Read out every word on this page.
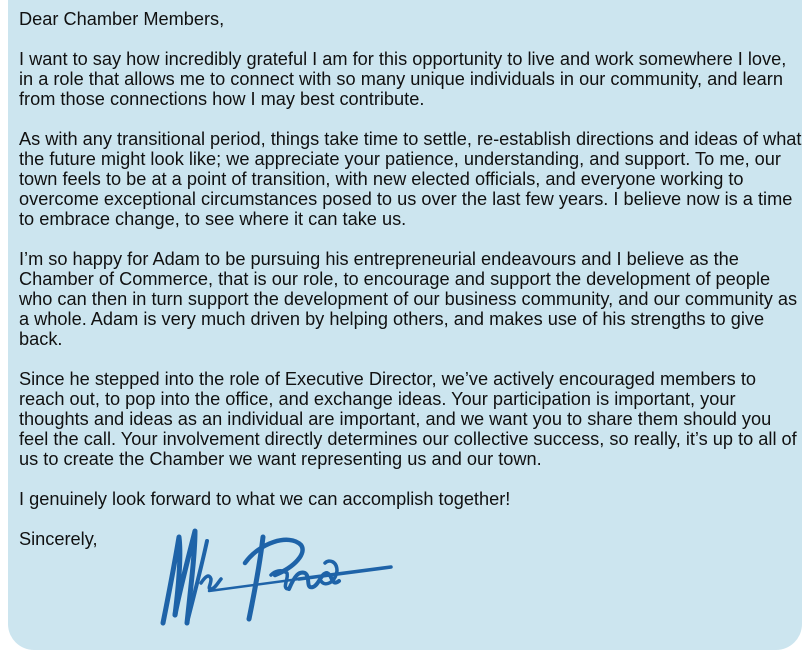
Dear Chamber Members,

I want to say how incredibly grateful I am for this opportunity to live and work somewhere I love, in a role that allows me to connect with so many unique individuals in our community, and learn from those connections how I may best contribute.

As with any transitional period, things take time to settle, re-establish directions and ideas of what the future might look like; we appreciate your patience, understanding, and support. To me, our town feels to be at a point of transition, with new elected officials, and everyone working to overcome exceptional circumstances posed to us over the last few years. I believe now is a time to embrace change, to see where it can take us.

I’m so happy for Adam to be pursuing his entrepreneurial endeavours and I believe as the Chamber of Commerce, that is our role, to encourage and support the development of people who can then in turn support the development of our business community, and our community as a whole. Adam is very much driven by helping others, and makes use of his strengths to give back.

Since he stepped into the role of Executive Director, we’ve actively encouraged members to reach out, to pop into the office, and exchange ideas. Your participation is important, your thoughts and ideas as an individual are important, and we want you to share them should you feel the call. Your involvement directly determines our collective success, so really, it’s up to all of us to create the Chamber we want representing us and our town.

I genuinely look forward to what we can accomplish together!

Sincerely,
